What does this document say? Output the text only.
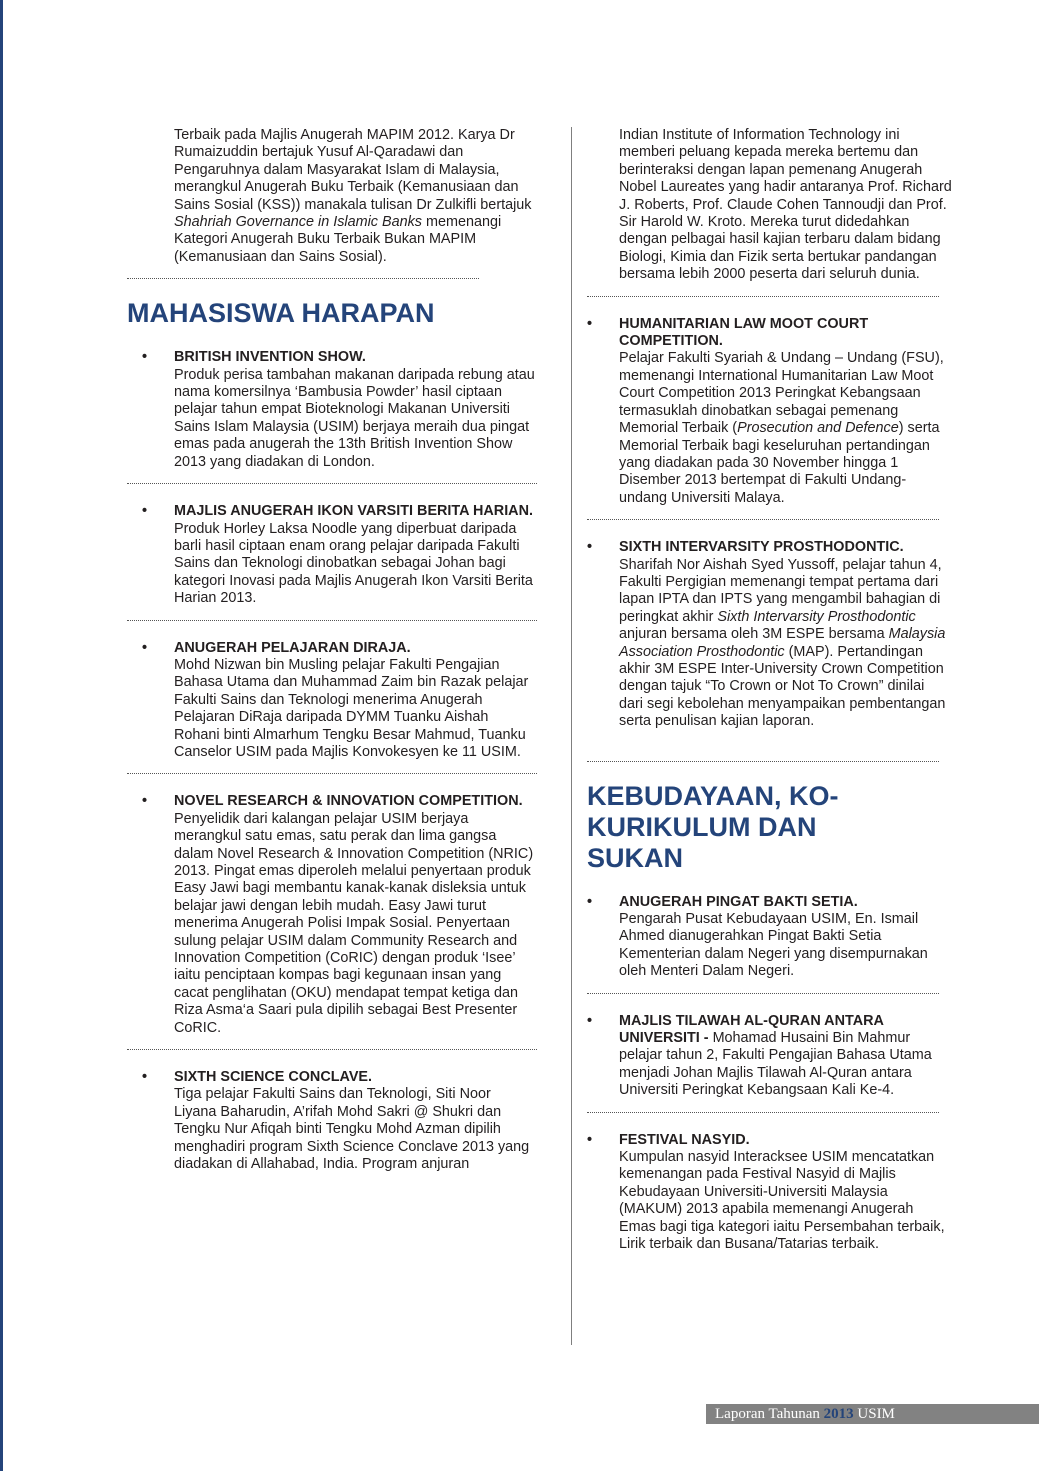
Terbaik pada Majlis Anugerah MAPIM 2012. Karya Dr Rumaizuddin bertajuk Yusuf Al-Qaradawi dan Pengaruhnya dalam Masyarakat Islam di Malaysia, merangkul Anugerah Buku Terbaik (Kemanusiaan dan Sains Sosial (KSS)) manakala tulisan Dr Zulkifli bertajuk Shahriah Governance in Islamic Banks memenangi Kategori Anugerah Buku Terbaik Bukan MAPIM (Kemanusiaan dan Sains Sosial).
MAHASISWA HARAPAN
•	BRITISH INVENTION SHOW.
Produk perisa tambahan makanan daripada rebung atau nama komersilnya ‘Bambusia Powder’ hasil ciptaan pelajar tahun empat Bioteknologi Makanan Universiti Sains Islam Malaysia (USIM) berjaya meraih dua pingat emas pada anugerah the 13th British Invention Show 2013 yang diadakan di London.
•	MAJLIS ANUGERAH IKON VARSITI BERITA HARIAN.
Produk Horley Laksa Noodle yang diperbuat daripada barli hasil ciptaan enam orang pelajar daripada Fakulti Sains dan Teknologi dinobatkan sebagai Johan bagi kategori Inovasi pada Majlis Anugerah Ikon Varsiti Berita Harian 2013.
•	ANUGERAH PELAJARAN DIRAJA.
Mohd Nizwan bin Musling pelajar Fakulti Pengajian Bahasa Utama dan Muhammad Zaim bin Razak pelajar Fakulti Sains dan Teknologi menerima Anugerah Pelajaran DiRaja daripada DYMM Tuanku Aishah Rohani binti Almarhum Tengku Besar Mahmud, Tuanku Canselor USIM pada Majlis Konvokesyen ke 11 USIM.
•	NOVEL RESEARCH & INNOVATION COMPETITION.
Penyelidik dari kalangan pelajar USIM berjaya merangkul satu emas, satu perak dan lima gangsa dalam Novel Research & Innovation Competition (NRIC) 2013. Pingat emas diperoleh melalui penyertaan produk Easy Jawi bagi membantu kanak-kanak disleksia untuk belajar jawi dengan lebih mudah. Easy Jawi turut menerima Anugerah Polisi Impak Sosial. Penyertaan sulung pelajar USIM dalam Community Research and Innovation Competition (CoRIC) dengan produk ‘Isee’ iaitu penciptaan kompas bagi kegunaan insan yang cacat penglihatan (OKU) mendapat tempat ketiga dan Riza Asma‘a Saari pula dipilih sebagai Best Presenter CoRIC.
•	SIXTH SCIENCE CONCLAVE.
Tiga pelajar Fakulti Sains dan Teknologi, Siti Noor Liyana Baharudin, A’rifah Mohd Sakri @ Shukri dan Tengku Nur Afiqah binti Tengku Mohd Azman dipilih menghadiri program Sixth Science Conclave 2013 yang diadakan di Allahabad, India. Program anjuran
Indian Institute of Information Technology ini memberi peluang kepada mereka bertemu dan berinteraksi dengan lapan pemenang Anugerah Nobel Laureates yang hadir antaranya Prof. Richard J. Roberts, Prof. Claude Cohen Tannoudji dan Prof. Sir Harold W. Kroto. Mereka turut didedahkan dengan pelbagai hasil kajian terbaru dalam bidang Biologi, Kimia dan Fizik serta bertukar pandangan bersama lebih 2000 peserta dari seluruh dunia.
•	HUMANITARIAN LAW MOOT COURT COMPETITION.
Pelajar Fakulti Syariah & Undang – Undang (FSU), memenangi International Humanitarian Law Moot Court Competition 2013 Peringkat Kebangsaan termasuklah dinobatkan sebagai pemenang Memorial Terbaik (Prosecution and Defence) serta Memorial Terbaik bagi keseluruhan pertandingan yang diadakan pada 30 November hingga 1 Disember 2013 bertempat di Fakulti Undang-undang Universiti Malaya.
•	SIXTH INTERVARSITY PROSTHODONTIC.
Sharifah Nor Aishah Syed Yussoff, pelajar tahun 4, Fakulti Pergigian memenangi tempat pertama dari lapan IPTA dan IPTS yang mengambil bahagian di peringkat akhir Sixth Intervarsity Prosthodontic anjuran bersama oleh 3M ESPE bersama Malaysia Association Prosthodontic (MAP). Pertandingan akhir 3M ESPE Inter-University Crown Competition dengan tajuk “To Crown or Not To Crown” dinilai dari segi kebolehan menyampaikan pembentangan serta penulisan kajian laporan.
KEBUDAYAAN, KO-KURIKULUM DAN SUKAN
•	ANUGERAH PINGAT BAKTI SETIA.
Pengarah Pusat Kebudayaan USIM, En. Ismail Ahmed dianugerahkan Pingat Bakti Setia Kementerian dalam Negeri yang disempurnakan oleh Menteri Dalam Negeri.
•	MAJLIS TILAWAH AL-QURAN ANTARA UNIVERSITI - Mohamad Husaini Bin Mahmur pelajar tahun 2, Fakulti Pengajian Bahasa Utama menjadi Johan Majlis Tilawah Al-Quran antara Universiti Peringkat Kebangsaan Kali Ke-4.
•	FESTIVAL NASYID.
Kumpulan nasyid Interacksee USIM mencatatkan kemenangan pada Festival Nasyid di Majlis Kebudayaan Universiti-Universiti Malaysia (MAKUM) 2013 apabila memenangi Anugerah Emas bagi tiga kategori iaitu Persembahan terbaik, Lirik terbaik dan Busana/Tatarias terbaik.
Laporan Tahunan 2013 USIM
